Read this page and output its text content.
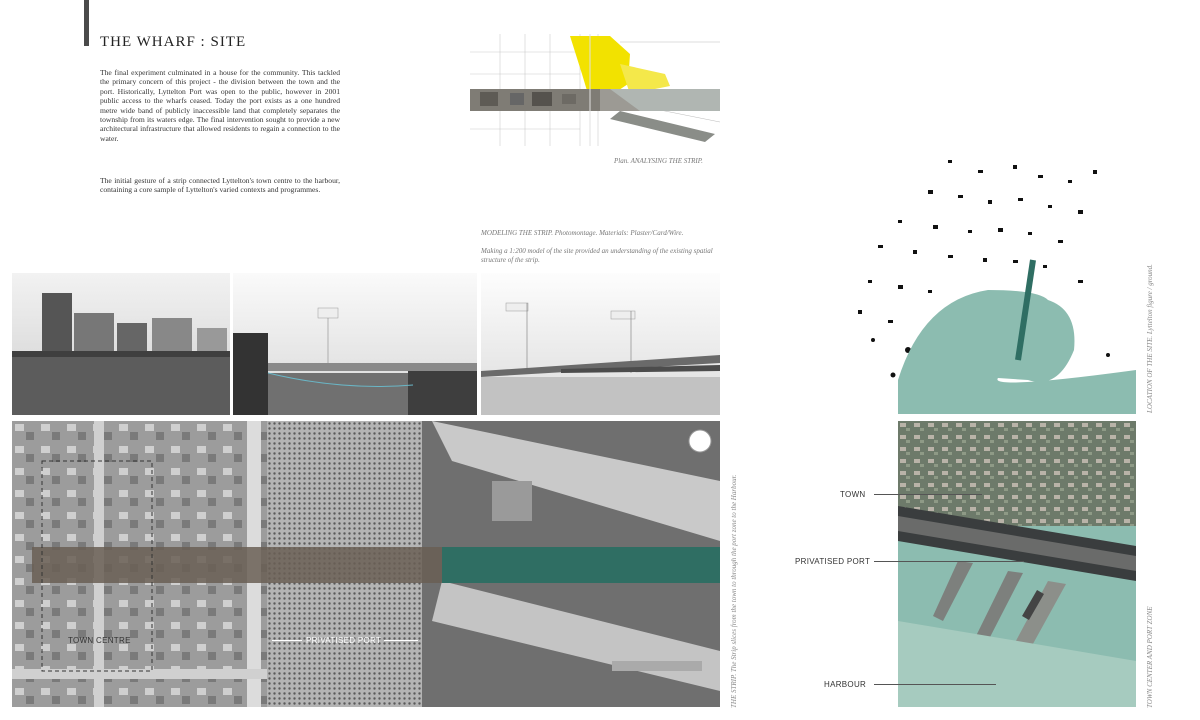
THE WHARF : SITE
The final experiment culminated in a house for the community. This tackled the primary concern of this project - the division between the town and the port. Historically, Lyttelton Port was open to the public, however in 2001 public access to the wharfs ceased. Today the port exists as a one hundred metre wide band of publicly inaccessible land that completely separates the township from its waters edge. The final intervention sought to provide a new architectural infrastructure that allowed residents to regain a connection to the water.
The initial gesture of a strip connected Lyttelton's town centre to the harbour, containing a core sample of Lyttelton's varied contexts and programmes.
Plan. ANALYSING THE STRIP.
MODELING THE STRIP. Photomontage. Materials: Plaster/Card/Wire.
Making a 1:200 model of the site provided an understanding of the existing spatial structure of the strip.
TOWN CENTRE	PRIVATISED PORT	THE STRIP. The Strip slices from the town to through the port zone to the Harbour.
LOCATION OF THE SITE. Lyttelton figure / ground.
TOWN CENTER AND PORT ZONE
TOWN
PRIVATISED PORT
HARBOUR
